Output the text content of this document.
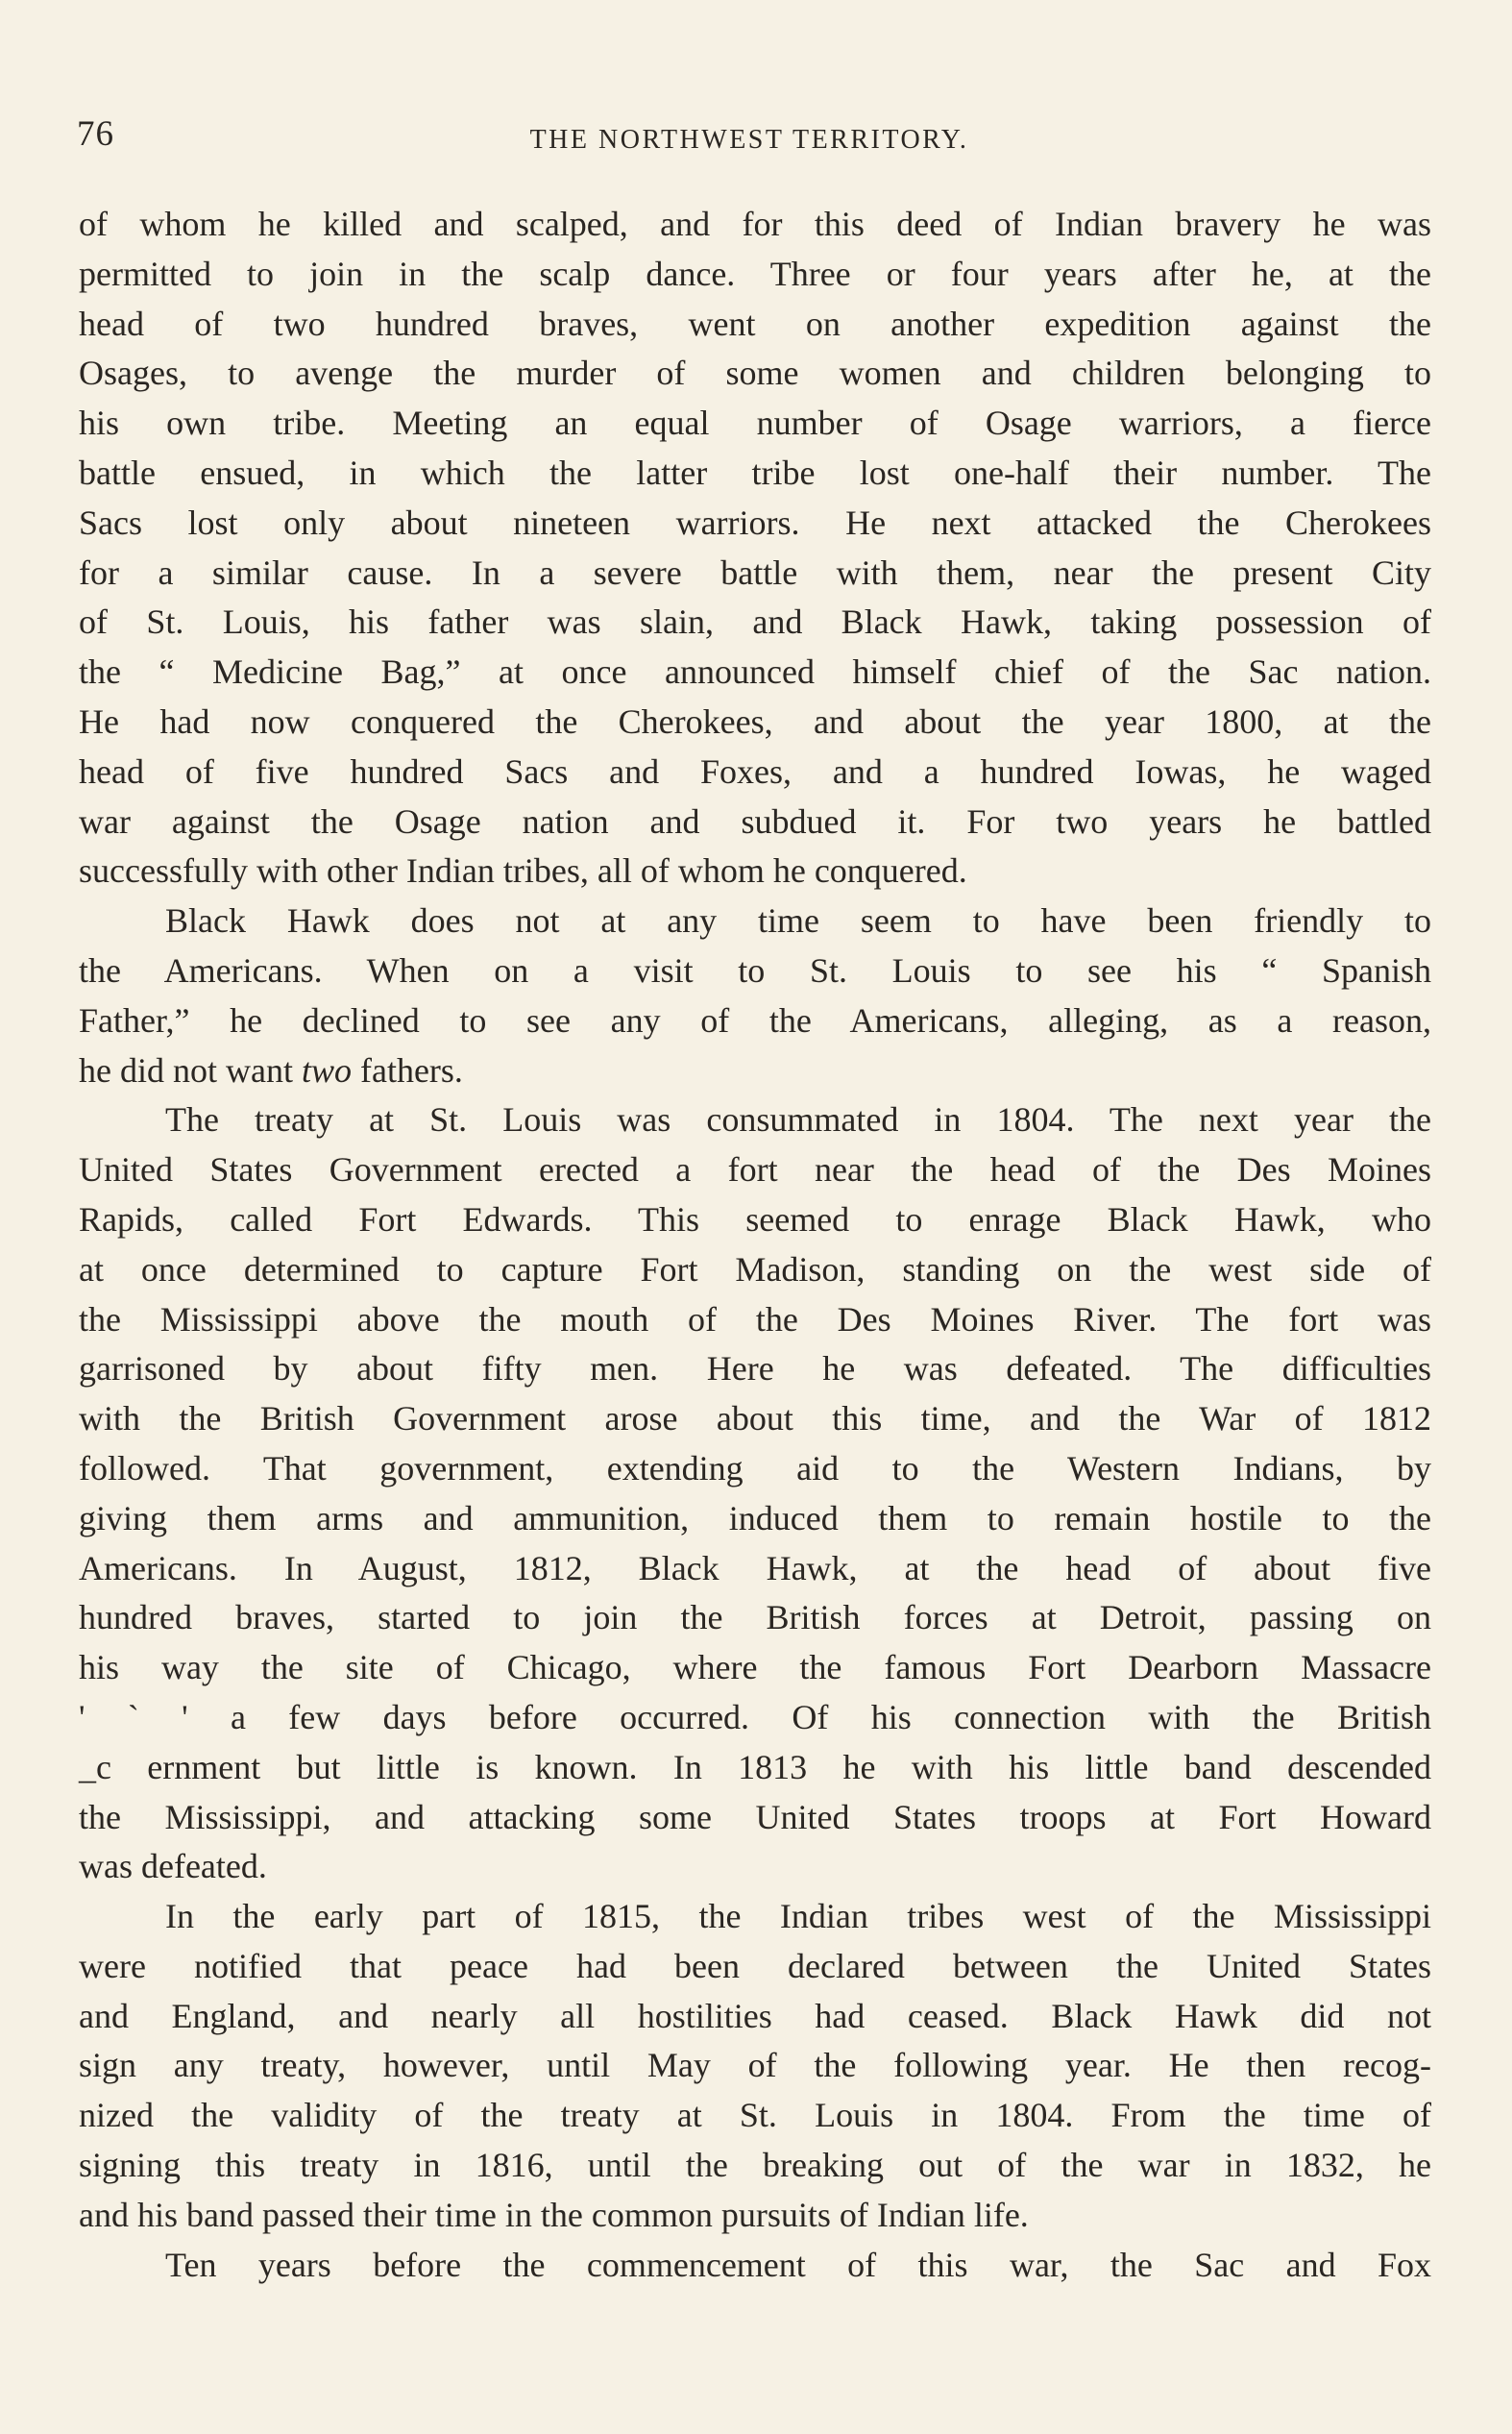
76	THE NORTHWEST TERRITORY.
of whom he killed and scalped, and for this deed of Indian bravery he was
permitted to join in the scalp dance. Three or four years after he, at the
head of two hundred braves, went on another expedition against the
Osages, to avenge the murder of some women and children belonging to
his own tribe. Meeting an equal number of Osage warriors, a fierce
battle ensued, in which the latter tribe lost one-half their number. The
Sacs lost only about nineteen warriors. He next attacked the Cherokees
for a similar cause. In a severe battle with them, near the present City
of St. Louis, his father was slain, and Black Hawk, taking possession of
the “ Medicine Bag,” at once announced himself chief of the Sac nation.
He had now conquered the Cherokees, and about the year 1800, at the
head of five hundred Sacs and Foxes, and a hundred Iowas, he waged
war against the Osage nation and subdued it. For two years he battled
successfully with other Indian tribes, all of whom he conquered.
Black Hawk does not at any time seem to have been friendly to
the Americans. When on a visit to St. Louis to see his “ Spanish
Father,” he declined to see any of the Americans, alleging, as a reason,
he did not want two fathers.
The treaty at St. Louis was consummated in 1804. The next year the
United States Government erected a fort near the head of the Des Moines
Rapids, called Fort Edwards. This seemed to enrage Black Hawk, who
at once determined to capture Fort Madison, standing on the west side of
the Mississippi above the mouth of the Des Moines River. The fort was
garrisoned by about fifty men. Here he was defeated. The difficulties
with the British Government arose about this time, and the War of 1812
followed. That government, extending aid to the Western Indians, by
giving them arms and ammunition, induced them to remain hostile to the
Americans. In August, 1812, Black Hawk, at the head of about five
hundred braves, started to join the British forces at Detroit, passing on
his way the site of Chicago, where the famous Fort Dearborn Massacre
' ` ' a few days before occurred. Of his connection with the British
_c ernment but little is known. In 1813 he with his little band descended
the Mississippi, and attacking some United States troops at Fort Howard
was defeated.
In the early part of 1815, the Indian tribes west of the Mississippi
were notified that peace had been declared between the United States
and England, and nearly all hostilities had ceased. Black Hawk did not
sign any treaty, however, until May of the following year. He then recog-
nized the validity of the treaty at St. Louis in 1804. From the time of
signing this treaty in 1816, until the breaking out of the war in 1832, he
and his band passed their time in the common pursuits of Indian life.
Ten years before the commencement of this war, the Sac and Fox
